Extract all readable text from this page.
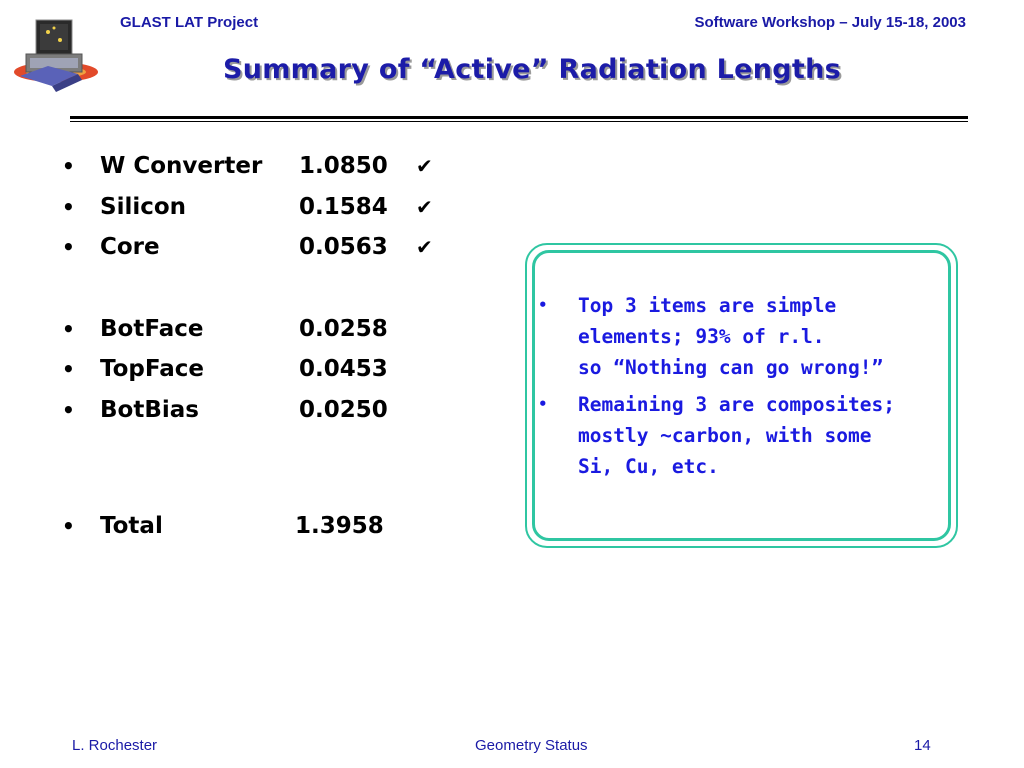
GLAST LAT Project	Software Workshop – July 15-18, 2003
Summary of “Active” Radiation Lengths
• W Converter 1.0850 ✔
• Silicon	0.1584 ✔
• Core	0.0563 ✔
• BotFace	0.0258
• TopFace	0.0453
• BotBias	0.0250
• Total	1.3958
• Top 3 items are simple
elements; 93% of r.l.
so “Nothing can go wrong!”
• Remaining 3 are composites;
mostly ~carbon, with some
Si, Cu, etc.
L. Rochester	Geometry Status	14
